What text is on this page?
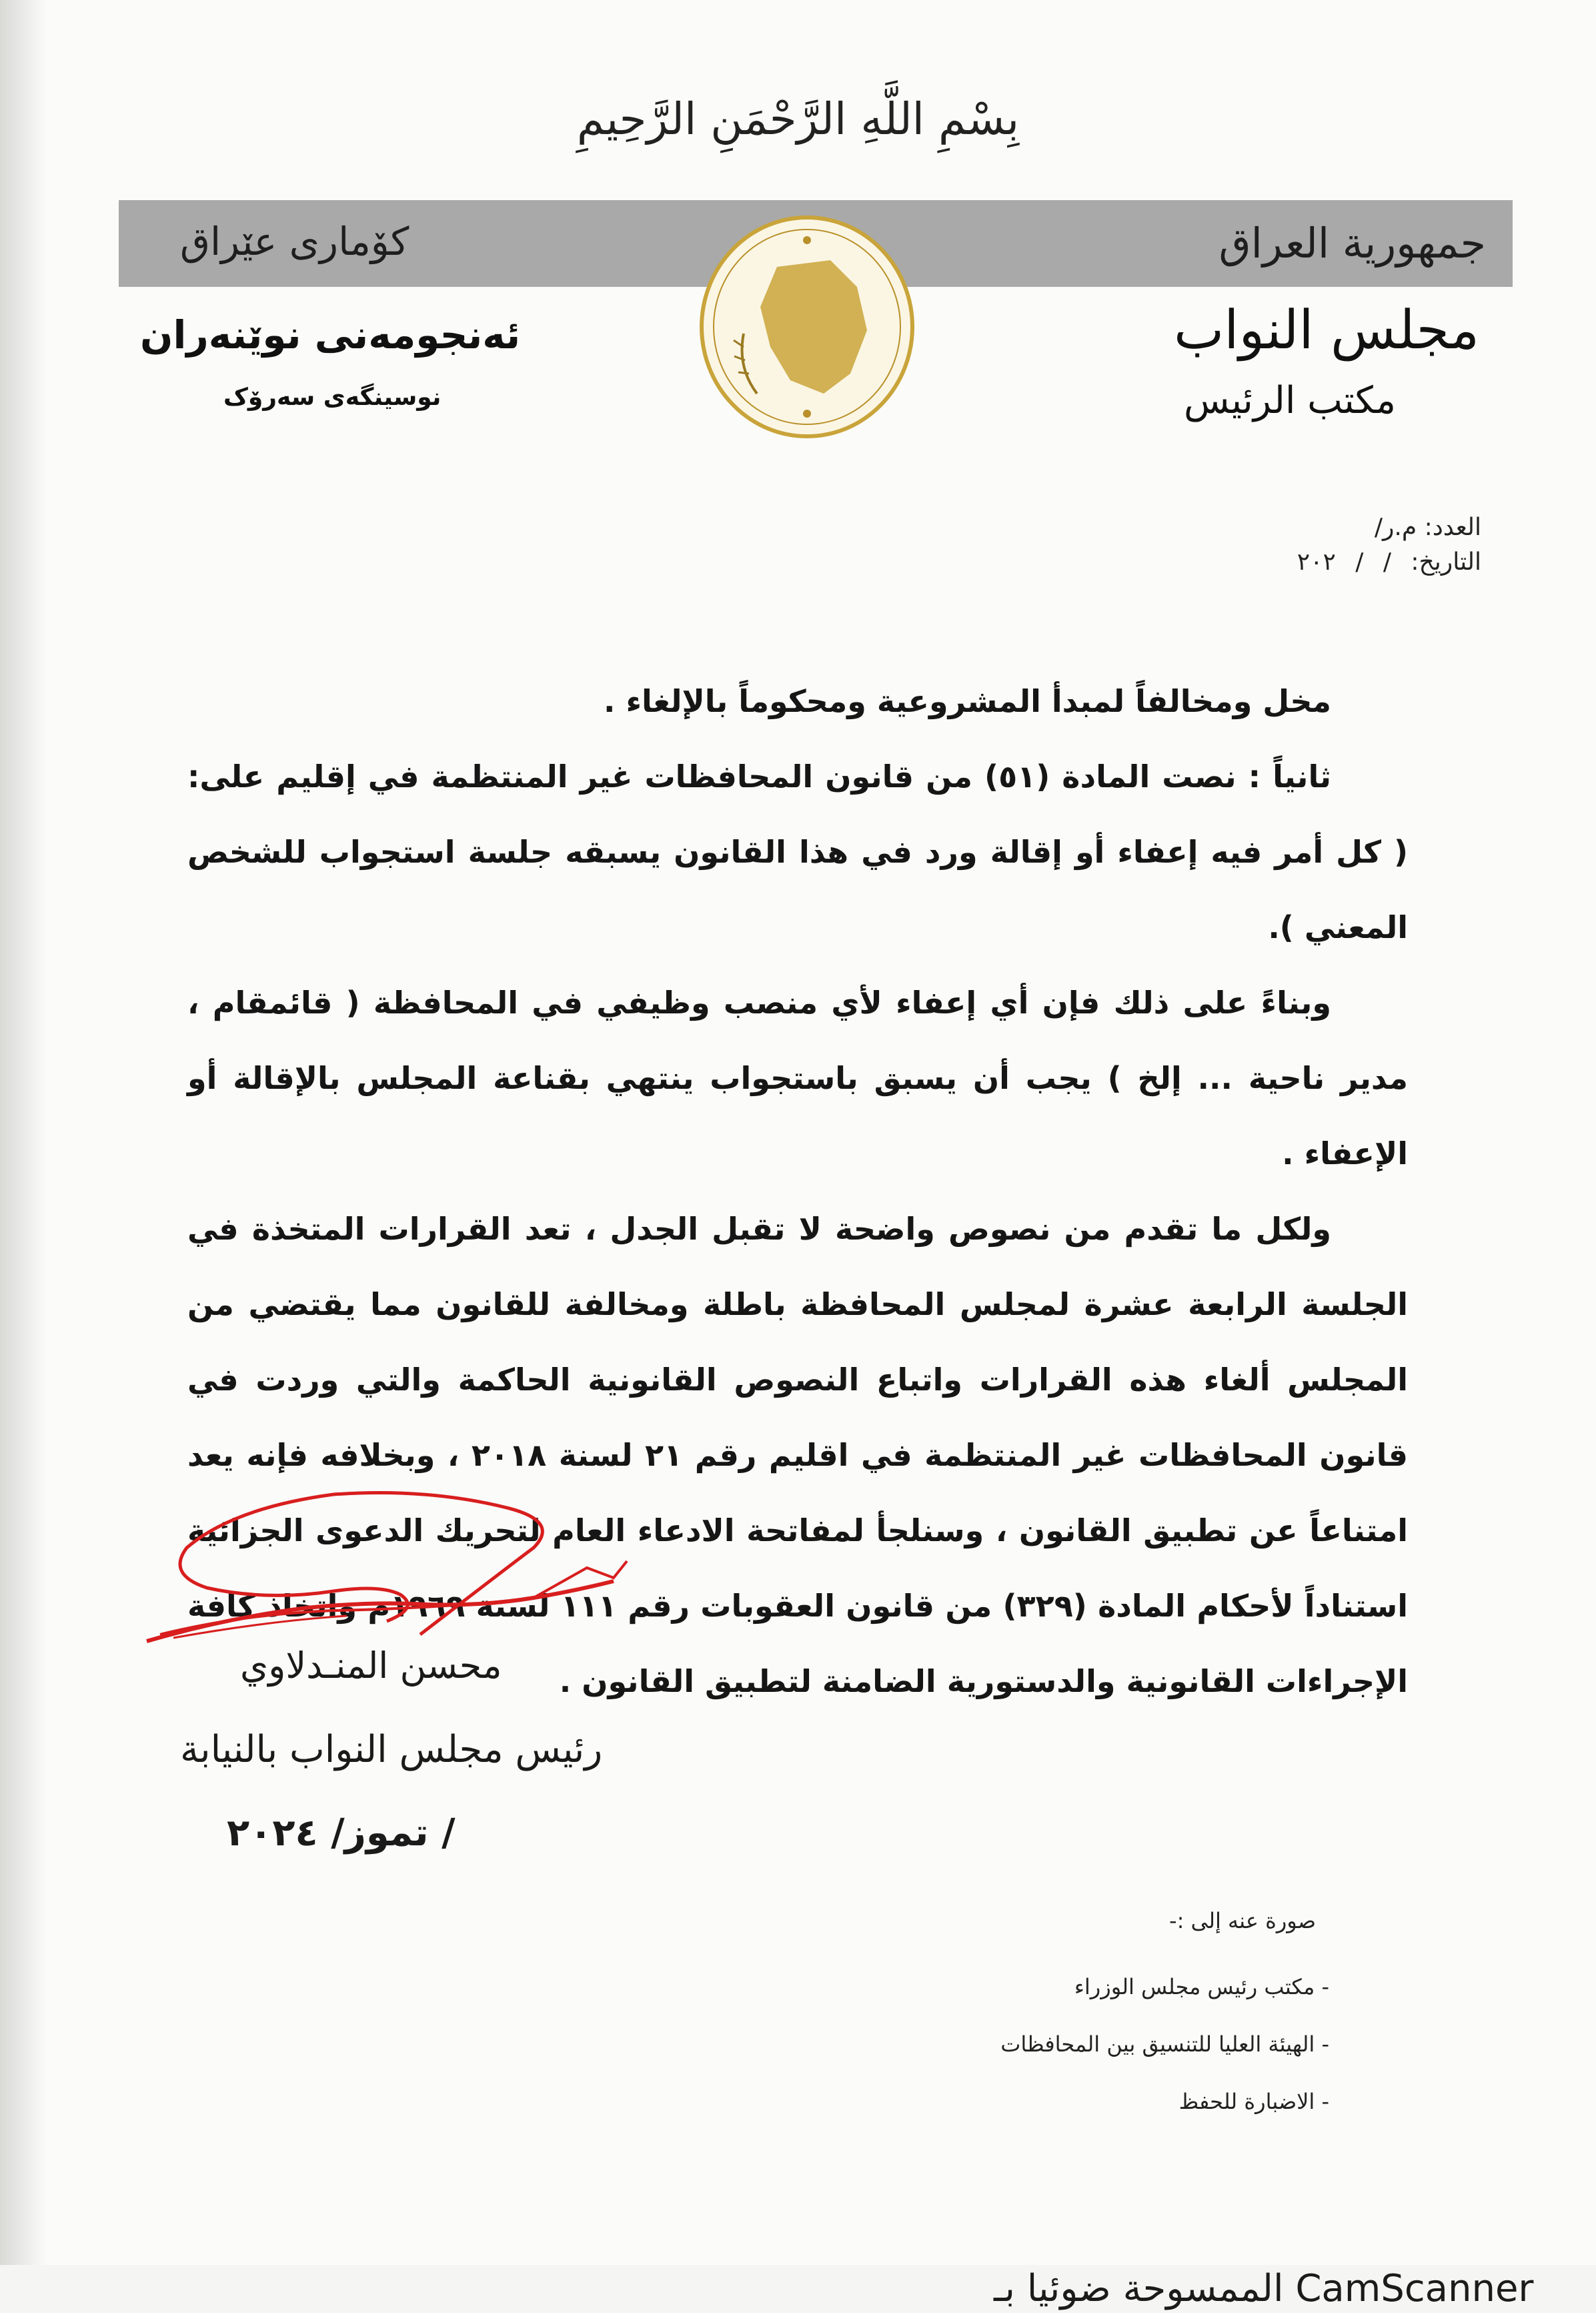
بِسْمِ اللَّهِ الرَّحْمَنِ الرَّحِيمِ
جمهورية العراق
كۆماری عێراق
مجلس النواب
مكتب الرئيس
ئەنجومەنی نوێنەران
نوسینگەی سەرۆک
العدد: م.ر/
التاريخ: / / ٢٠٢

مخل ومخالفاً لمبدأ المشروعية ومحكوماً بالإلغاء .

ثانياً : نصت المادة (٥١) من قانون المحافظات غير المنتظمة في إقليم على: ( كل أمر فيه إعفاء أو إقالة ورد في هذا القانون يسبقه جلسة استجواب للشخص المعني ).

وبناءً على ذلك فإن أي إعفاء لأي منصب وظيفي في المحافظة ( قائمقام ، مدير ناحية ... إلخ ) يجب أن يسبق باستجواب ينتهي بقناعة المجلس بالإقالة أو الإعفاء .

ولكل ما تقدم من نصوص واضحة لا تقبل الجدل ، تعد القرارات المتخذة في الجلسة الرابعة عشرة لمجلس المحافظة باطلة ومخالفة للقانون مما يقتضي من المجلس ألغاء هذه القرارات واتباع النصوص القانونية الحاكمة والتي وردت في قانون المحافظات غير المنتظمة في اقليم رقم ٢١ لسنة ٢٠١٨ ، وبخلافه فإنه يعد امتناعاً عن تطبيق القانون ، وسنلجأ لمفاتحة الادعاء العام لتحريك الدعوى الجزائية استناداً لأحكام المادة (٣٢٩) من قانون العقوبات رقم ١١١ لسنة ١٩٦٩م واتخاذ كافة الإجراءات القانونية والدستورية الضامنة لتطبيق القانون .

محسن المنـدلاوي
رئيس مجلس النواب بالنيابة
/ تموز/ ٢٠٢٤
صورة عنه إلى :-
- مكتب رئيس مجلس الوزراء
- الهيئة العليا للتنسيق بين المحافظات
- الاضبارة للحفظ
الممسوحة ضوئيا بـ CamScanner
